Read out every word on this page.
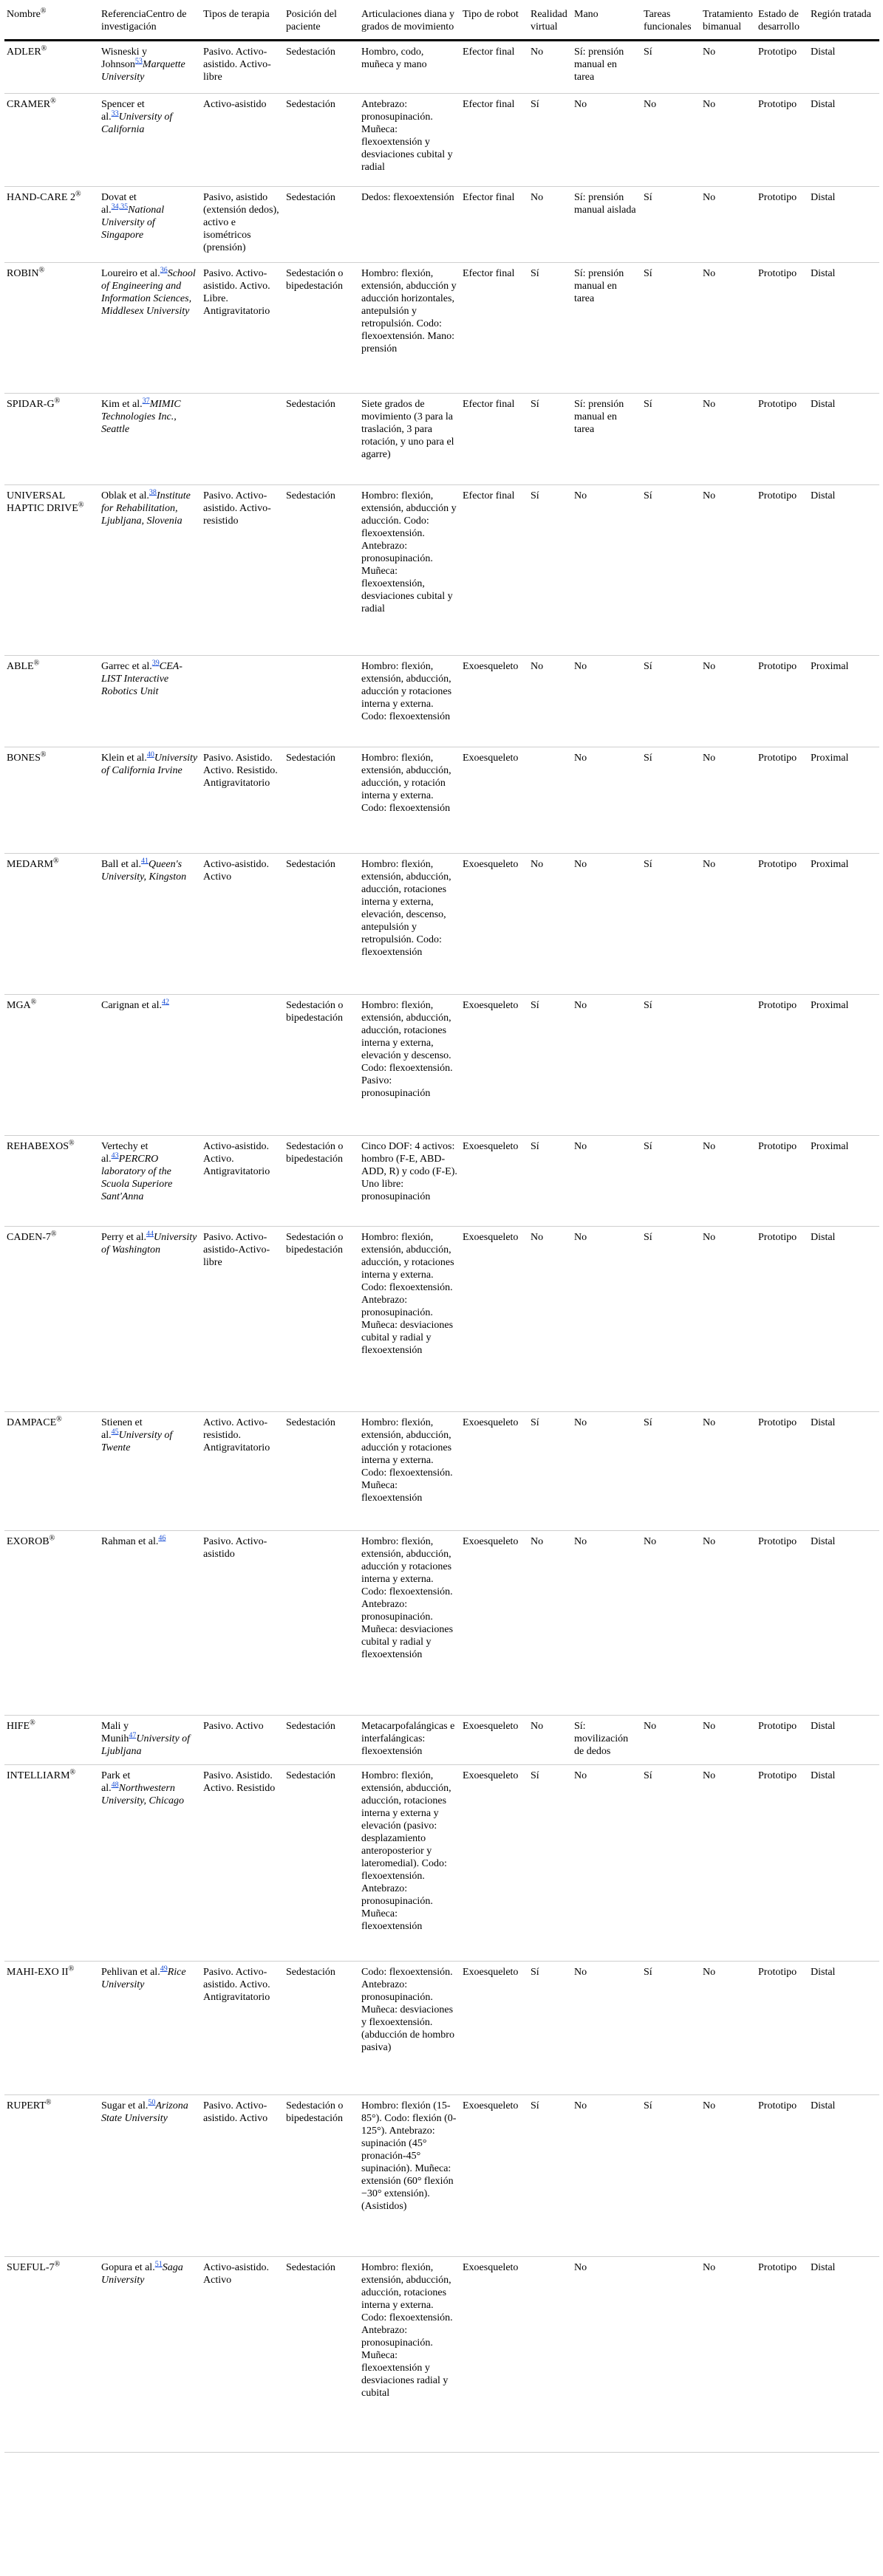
Nombre®	ReferenciaCentro de investigación	Tipos de terapia	Posición del paciente	Articulaciones diana y grados de movimiento	Tipo de robot	Realidad virtual	Mano	Tareas funcionales	Tratamiento bimanual	Estado de desarrollo	Región tratada
ADLER®	Wisneski y Johnson$^{53}$Marquette University	Pasivo. Activo-asistido. Activo-libre	Sedestación	Hombro, codo, muñeca y mano	Efector final	No	Sí: prensión manual en tarea	Sí	No	Prototipo	Distal
CRAMER®	Spencer et al.$^{33}$University of California	Activo-asistido	Sedestación	Antebrazo: pronosupinación. Muñeca: flexoextensión y desviaciones cubital y radial	Efector final	Sí	No	No	No	Prototipo	Distal
HAND-CARE 2®	Dovat et al.$^{34,35}$National University of Singapore	Pasivo, asistido (extensión dedos), activo e isométricos (prensión)	Sedestación	Dedos: flexoextensión	Efector final	No	Sí: prensión manual aislada	Sí	No	Prototipo	Distal
ROBIN®	Loureiro et al.$^{36}$School of Engineering and Information Sciences, Middlesex University	Pasivo. Activo-asistido. Activo. Libre. Antigravitatorio	Sedestación o bipedestación	Hombro: flexión, extensión, abducción y aducción horizontales, antepulsión y retropulsión. Codo: flexoextensión. Mano: prensión	Efector final	Sí	Sí: prensión manual en tarea	Sí	No	Prototipo	Distal
SPIDAR-G®	Kim et al.$^{37}$MIMIC Technologies Inc., Seattle		Sedestación	Siete grados de movimiento (3 para la traslación, 3 para rotación, y uno para el agarre)	Efector final	Sí	Sí: prensión manual en tarea	Sí	No	Prototipo	Distal
UNIVERSAL HAPTIC DRIVE®	Oblak et al.$^{38}$Institute for Rehabilitation, Ljubljana, Slovenia	Pasivo. Activo-asistido. Activo-resistido	Sedestación	Hombro: flexión, extensión, abducción y aducción. Codo: flexoextensión. Antebrazo: pronosupinación. Muñeca: flexoextensión, desviaciones cubital y radial	Efector final	Sí	No	Sí	No	Prototipo	Distal
ABLE®	Garrec et al.$^{39}$CEA-LIST Interactive Robotics Unit			Hombro: flexión, extensión, abducción, aducción y rotaciones interna y externa. Codo: flexoextensión	Exoesqueleto	No	No	Sí	No	Prototipo	Proximal
BONES®	Klein et al.$^{40}$University of California Irvine	Pasivo. Asistido. Activo. Resistido. Antigravitatorio	Sedestación	Hombro: flexión, extensión, abducción, aducción, y rotación interna y externa. Codo: flexoextensión	Exoesqueleto		No	Sí	No	Prototipo	Proximal
MEDARM®	Ball et al.$^{41}$Queen's University, Kingston	Activo-asistido. Activo	Sedestación	Hombro: flexión, extensión, abducción, aducción, rotaciones interna y externa, elevación, descenso, antepulsión y retropulsión. Codo: flexoextensión	Exoesqueleto	No	No	Sí	No	Prototipo	Proximal
MGA®	Carignan et al.$^{42}$		Sedestación o bipedestación	Hombro: flexión, extensión, abducción, aducción, rotaciones interna y externa, elevación y descenso. Codo: flexoextensión. Pasivo: pronosupinación	Exoesqueleto	Sí	No	Sí		Prototipo	Proximal
REHABEXOS®	Vertechy et al.$^{43}$PERCRO laboratory of the Scuola Superiore Sant'Anna	Activo-asistido. Activo. Antigravitatorio	Sedestación o bipedestación	Cinco DOF: 4 activos: hombro (F-E, ABD-ADD, R) y codo (F-E). Uno libre: pronosupinación	Exoesqueleto	Sí	No	Sí	No	Prototipo	Proximal
CADEN-7®	Perry et al.$^{44}$University of Washington	Pasivo. Activo-asistido-Activo-libre	Sedestación o bipedestación	Hombro: flexión, extensión, abducción, aducción, y rotaciones interna y externa. Codo: flexoextensión. Antebrazo: pronosupinación. Muñeca: desviaciones cubital y radial y flexoextensión	Exoesqueleto	No	No	Sí	No	Prototipo	Distal
DAMPACE®	Stienen et al.$^{45}$University of Twente	Activo. Activo-resistido. Antigravitatorio	Sedestación	Hombro: flexión, extensión, abducción, aducción y rotaciones interna y externa. Codo: flexoextensión. Muñeca: flexoextensión	Exoesqueleto	Sí	No	Sí	No	Prototipo	Distal
EXOROB®	Rahman et al.$^{46}$	Pasivo. Activo-asistido		Hombro: flexión, extensión, abducción, aducción y rotaciones interna y externa. Codo: flexoextensión. Antebrazo: pronosupinación. Muñeca: desviaciones cubital y radial y flexoextensión	Exoesqueleto	No	No	No	No	Prototipo	Distal
HIFE®	Mali y Munih$^{47}$University of Ljubljana	Pasivo. Activo	Sedestación	Metacarpofalángicas e interfalángicas: flexoextensión	Exoesqueleto	No	Sí: movilización de dedos	No	No	Prototipo	Distal
INTELLIARM®	Park et al.$^{48}$Northwestern University, Chicago	Pasivo. Asistido. Activo. Resistido	Sedestación	Hombro: flexión, extensión, abducción, aducción, rotaciones interna y externa y elevación (pasivo: desplazamiento anteroposterior y lateromedial). Codo: flexoextensión. Antebrazo: pronosupinación. Muñeca: flexoextensión	Exoesqueleto	Sí	No	Sí	No	Prototipo	Distal
MAHI-EXO II®	Pehlivan et al.$^{49}$Rice University	Pasivo. Activo-asistido. Activo. Antigravitatorio	Sedestación	Codo: flexoextensión. Antebrazo: pronosupinación. Muñeca: desviaciones y flexoextensión. (abducción de hombro pasiva)	Exoesqueleto	Sí	No	Sí	No	Prototipo	Distal
RUPERT®	Sugar et al.$^{50}$Arizona State University	Pasivo. Activo-asistido. Activo	Sedestación o bipedestación	Hombro: flexión (15-85°). Codo: flexión (0-125°). Antebrazo: supinación (45° pronación-45° supinación). Muñeca: extensión (60° flexión −30° extensión). (Asistidos)	Exoesqueleto	Sí	No	Sí	No	Prototipo	Distal
SUEFUL-7®	Gopura et al.$^{51}$Saga University	Activo-asistido. Activo	Sedestación	Hombro: flexión, extensión, abducción, aducción, rotaciones interna y externa. Codo: flexoextensión. Antebrazo: pronosupinación. Muñeca: flexoextensión y desviaciones radial y cubital	Exoesqueleto		No		No	Prototipo	Distal
